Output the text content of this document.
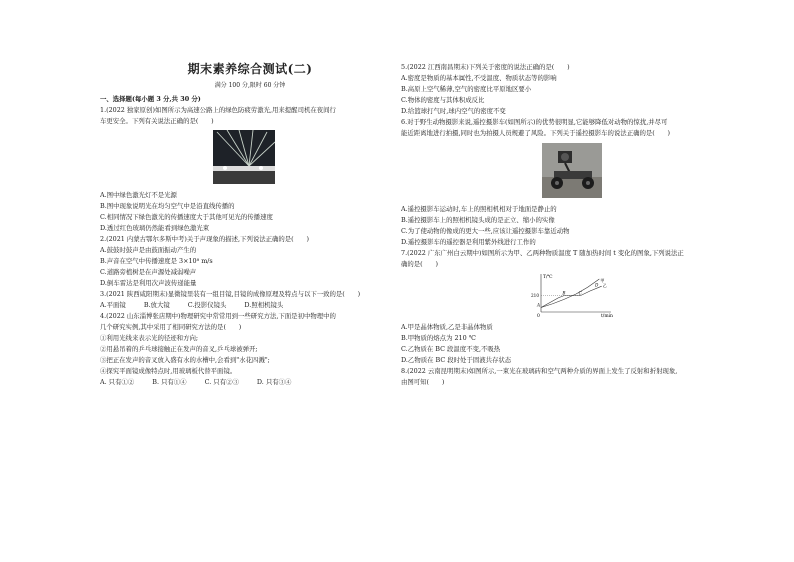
期末素养综合测试(二)
满分 100 分,限时 60 分钟
一、选择题(每小题 3 分,共 30 分)
1.(2022 独家原创)如图所示为高速公路上的绿色防疲劳激光,用来提醒司机在夜间行
车更安全。下列有关说法正确的是(　　)
A.图中绿色激光灯不是光源
B.图中现象说明光在均匀空气中是沿直线传播的
C.相同情况下绿色激光的传播速度大于其他可见光的传播速度
D.透过红色玻璃仍然能看到绿色激光束
2.(2021 内蒙古鄂尔多斯中考)关于声现象的描述,下列说法正确的是(　　)
A.鼓鼓时鼓声是由鼓面振动产生的
B.声音在空气中传播速度是 3×10⁸ m/s
C.道路旁植树是在声源处减弱噪声
D.倒车雷达是利用次声波传递能量
3.(2021 陕西咸阳期末)显微镜里装有一组目镜,目镜的成像原理及特点与以下一致的是(　　)
A.平面镜	B.放大镜	C.投影仪镜头	D.照相机镜头
4.(2022 山东淄博张店期中)物理研究中常常用到一些研究方法,下面是初中物理中的
几个研究实例,其中采用了相同研究方法的是(　　)
①利用光线来表示光的径迹和方向;
②用悬吊着的乒乓球接触正在发声的音叉,乒乓球被弹开;
③把正在发声的音叉放入盛有水的水槽中,会看到"水花四溅";
④探究平面镜成像特点时,用玻璃板代替平面镜。
A. 只有①②	B. 只有①④	C. 只有②③	D. 只有③④
5.(2022 江西南昌期末)下列关于密度的说法正确的是(　　)
A.密度是物质的基本属性,不受温度、物质状态等的影响
B.高原上空气稀薄,空气的密度比平原地区要小
C.物体的密度与其体积成反比
D.给篮球打气时,球内空气的密度不变
6.对于野生动物摄影来说,遥控摄影车(如图所示)的优势很明显,它能够降低对动物的惊扰,并尽可
能近距离地进行拍摄,同时也为拍摄人员规避了风险。下列关于遥控摄影车的说法正确的是(　　)
A.遥控摄影车运动时,车上的照相机相对于地面是静止的
B.遥控摄影车上的照相机镜头成的是正立、缩小的实像
C.为了使动物的像成的更大一些,应该让遥控摄影车靠近动物
D.遥控摄影车的遥控器是利用紫外线进行工作的
7.(2022 广东广州白云期中)如图所示为甲、乙两种物质温度 T 随加热时间 t 变化的图象,下列说法正
确的是(　　)
T/℃
t/min
0
甲
乙
A
B	C
D
210
A.甲是晶体物质,乙是非晶体物质
B.甲物质的熔点为 210 ℃
C.乙物质在 BC 段温度不变,不吸热
D.乙物质在 BC 段时处于固液共存状态
8.(2022 云南昆明期末)如图所示,一束光在玻璃砖和空气两种介质的界面上发生了反射和折射现象,
由图可知(　　)
